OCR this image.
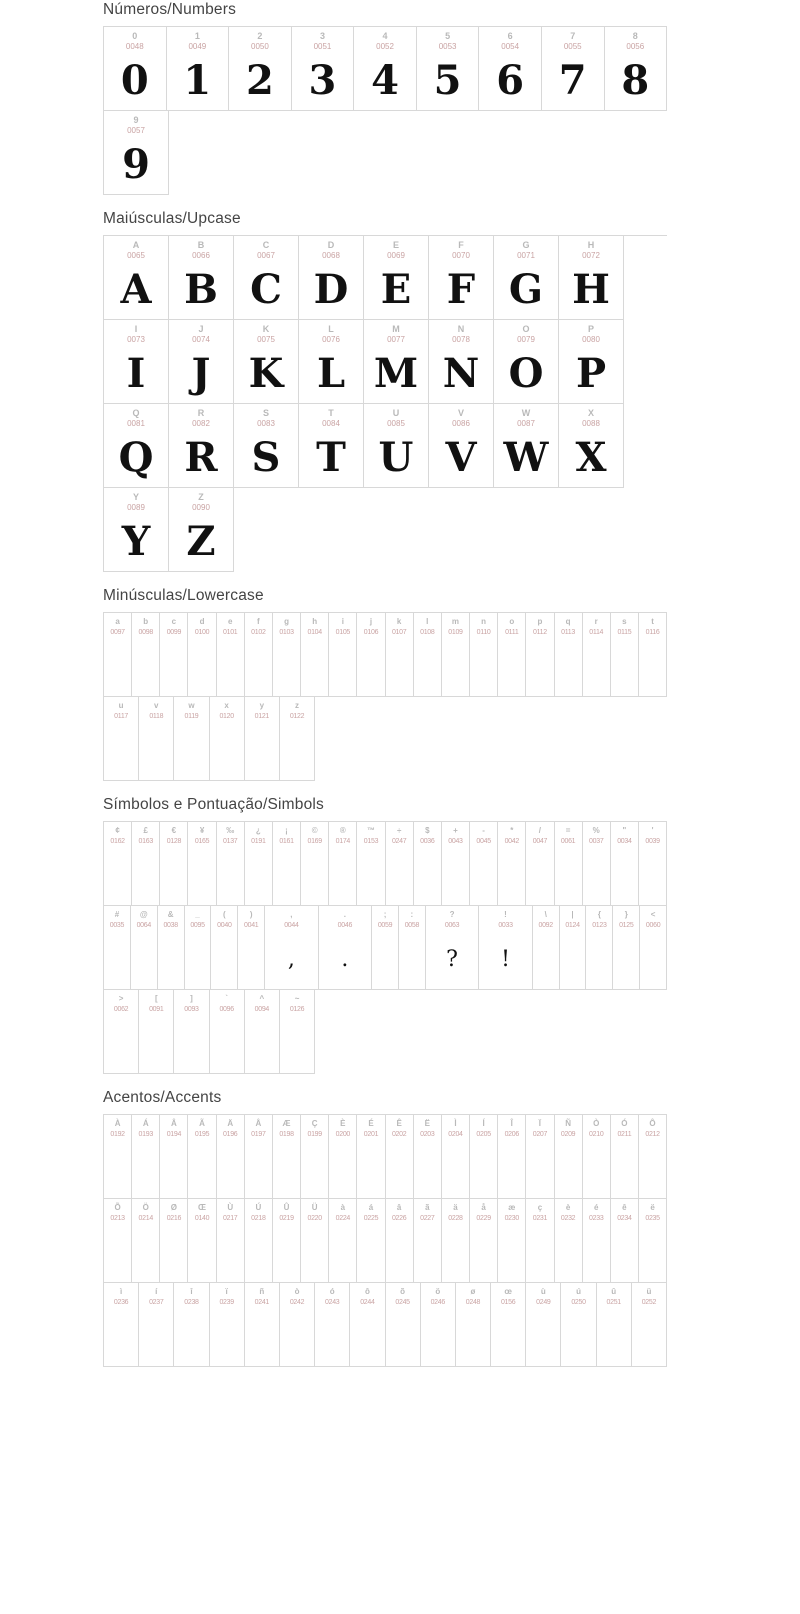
Números/Numbers
0
0048
0
1
0049
1
2
0050
2
3
0051
3
4
0052
4
5
0053
5
6
0054
6
7
0055
7
8
0056
8
9
0057
9
Maiúsculas/Upcase
A
0065
A
B
0066
B
C
0067
C
D
0068
D
E
0069
E
F
0070
F
G
0071
G
H
0072
H
I
0073
I
J
0074
J
K
0075
K
L
0076
L
M
0077
M
N
0078
N
O
0079
O
P
0080
P
Q
0081
Q
R
0082
R
S
0083
S
T
0084
T
U
0085
U
V
0086
V
W
0087
W
X
0088
X
Y
0089
Y
Z
0090
Z
Minúsculas/Lowercase
a
0097
b
0098
c
0099
d
0100
e
0101
f
0102
g
0103
h
0104
i
0105
j
0106
k
0107
l
0108
m
0109
n
0110
o
0111
p
0112
q
0113
r
0114
s
0115
t
0116
u
0117
v
0118
w
0119
x
0120
y
0121
z
0122
Símbolos e Pontuação/Simbols
¢
0162
£
0163
€
0128
¥
0165
‰
0137
¿
0191
¡
0161
©
0169
®
0174
™
0153
÷
0247
$
0036
+
0043
-
0045
*
0042
/
0047
=
0061
%
0037
"
0034
'
0039
#
0035
@
0064
&
0038
_
0095
(
0040
)
0041
,
0044
,
.
0046
.
;
0059
:
0058
?
0063
?
!
0033
!
\
0092
|
0124
{
0123
}
0125
<
0060
>
0062
[
0091
]
0093
`
0096
^
0094
~
0126
Acentos/Accents
À
0192
Á
0193
Â
0194
Ã
0195
Ä
0196
Å
0197
Æ
0198
Ç
0199
È
0200
É
0201
Ê
0202
Ë
0203
Ì
0204
Í
0205
Î
0206
Ï
0207
Ñ
0209
Ò
0210
Ó
0211
Ô
0212
Õ
0213
Ö
0214
Ø
0216
Œ
0140
Ù
0217
Ú
0218
Û
0219
Ü
0220
à
0224
á
0225
â
0226
ã
0227
ä
0228
å
0229
æ
0230
ç
0231
è
0232
é
0233
ê
0234
ë
0235
ì
0236
í
0237
î
0238
ï
0239
ñ
0241
ò
0242
ó
0243
ô
0244
õ
0245
ö
0246
ø
0248
œ
0156
ù
0249
ú
0250
û
0251
ü
0252
